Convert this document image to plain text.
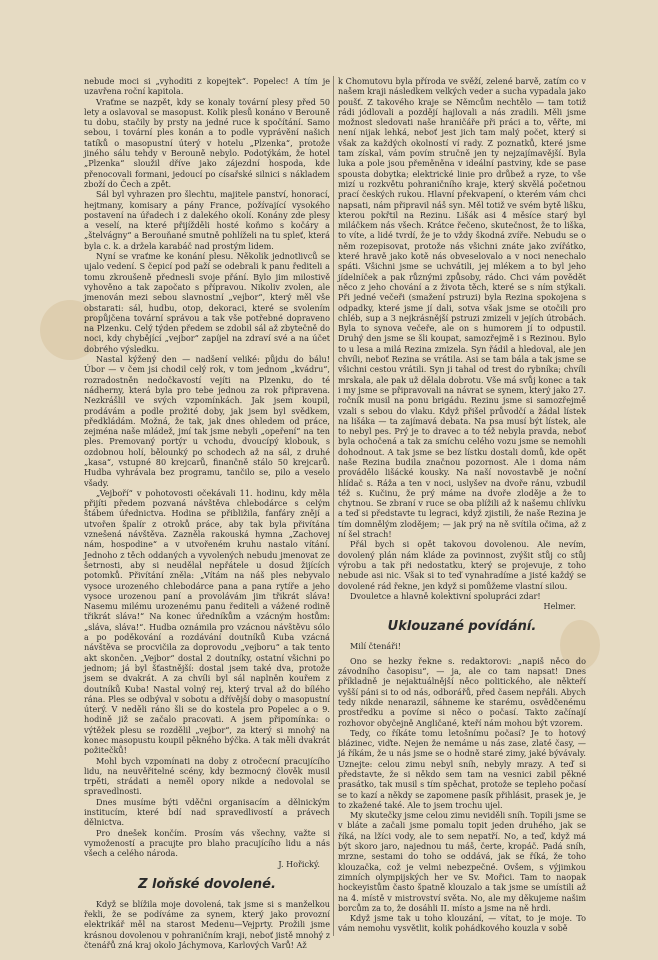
nebude moci si „vyhoditi z kopejtek“. Popelec! A tím je uzavřena roční kapitola.

Vraťme se nazpět, kdy se konaly tovární plesy před 50 lety a oslavoval se masopust. Kolik plesů konáno v Berouně tu dobu, stačily by prsty na jedné ruce k spočítání. Samo sebou, i tovární ples konán a to podle vyprávění našich tatíků o masopustní úterý v hotelu „Plzenka“, protože jiného sálu tehdy v Berouně nebylo. Podotýkám, že hotel „Plzenka“ sloužil dříve jako zájezdní hospoda, kde přenocovali formani, jedoucí po císařské silnici s nákladem zboží do Čech a zpět.

Sál byl vyhrazen pro šlechtu, majitele panství, honorací, hejtmany, komisary a pány France, požívající vysokého postavení na úřadech i z dalekého okolí. Konány zde plesy a veselí, na které přijížděli hosté koňmo s kočáry a „štelvágny“ a Berouňané smutně pohlíželi na tu spleť, která byla c. k. a držela karabáč nad prostým lidem.

Nyní se vraťme ke konání plesu. Několik jednotlivců se ujalo vedení. S čepicí pod paží se odebrali k panu řediteli a tomu zkroušeně přednesli svoje přání. Bylo jim milostivě vyhověno a tak započato s přípravou. Nikoliv zvolen, ale jmenován mezi sebou slavnostní „vejbor“, který měl vše obstarati: sál, hudbu, otop, dekoraci, které se svolením propůjčena tovární správou a tak vše potřebné dopraveno na Plzenku. Celý týden předem se zdobil sál až zbytečně do noci, kdy chybějící „vejbor“ zapíjel na zdraví své a na účet dobrého výsledku.

Nastal kýžený den — nadšení veliké: půjdu do bálu! Úbor — v čem jsi chodil celý rok, v tom jednom „kvádru“, rozradostněn nedočkavostí vejíti na Plzenku, do té nádherny, která byla pro tebe jednou za rok připravena. Nezkrášlil ve svých vzpomínkách. Jak jsem koupil, prodávám a podle prožité doby, jak jsem byl svědkem, předkládám. Možná, že tak, jak dnes ohledem od práce, zejména naše mládež, jmí tak jsme nebyli „opeření“ na ten ples. Premovaný portýr u vchodu, dvoucípý klobouk, s ozdobnou holí, bělounký po schodech až na sál, z druhé „kasa“, vstupné 80 krejcarů, finančně stálo 50 krejcarů. Hudba vyhrávala bez programu, tančilo se, pilo a veselo všady.

„Vejboří“ v pohotovosti očekávali 11. hodinu, kdy měla přijíti předem pozvaná návštěva chlebodárce s celým štábem úřednictva. Hodina se přibližila, fanfáry znějí a utvořen špalír z otroků práce, aby tak byla přivítána vznešená návštěva. Zazněla rakouská hymna „Zachovej nám, hospodine“ a v utvořeném kruhu nastalo vítání. Jednoho z těch oddaných a vyvolených nebudu jmenovat ze šetrnosti, aby si neudělal nepřátele u dosud žijících potomků. Přivítání zněla: „Vítám na náš ples nebyvalo vysoce urozeného chlebodárce pana a pana rytíře a jeho vysoce urozenou paní a provolávám jim třikrát sláva! Nasemu milému urozenému panu řediteli a vážené rodině třikrát sláva!“ Na konec úředníkům a vzácným hostům: „sláva, sláva!“. Hudba oznámila pro vzácnou návštěvu sólo a po poděkování a rozdávání doutníků Kuba vzácná návštěva se procvičila za doprovodu „vejboru“ a tak tento akt skončen. „Vejbor“ dostal 2 doutníky, ostatní všichni po jednom; já byl šťastnější: dostal jsem také dva, protože jsem se dvakrát. A za chvíli byl sál naplněn kouřem z doutníků Kuba! Nastal volný rej, který trval až do bílého rána. Ples se odbýval v sobotu a dřívější doby o masopustní úterý. V neděli ráno šli se do kostela pro Popelec a o 9. hodině již se začalo pracovati. A jsem připomínka: o výtěžek plesu se rozdělil „vejbor“, za který si mnohý na konec masopustu koupil pěkného býčka. A tak měli dvakrát požitečků!

Mohl bych vzpomínati na doby z otročecní pracujícího lidu, na neuvěřitelné scény, kdy bezmocný člověk musil trpěti, strádati a neměl opory nikde a nedovolal se spravedlnosti.

Dnes musíme býti vděčni organisacím a dělnickým institucím, které bdí nad spravedlivostí a právech dělnictva.

Pro dnešek končím. Prosím vás všechny, važte si vymožeností a pracujte pro blaho pracujícího lidu a nás všech a celého národa.

J. Hořický.

Z loňské dovolené.

Když se blížila moje dovolená, tak jsme si s manželkou řekli, že se podíváme za synem, který jako provozní elektrikář měl na starost Medenu—Vejprty. Prožili jsme krásnou dovolenou v pohraničním kraji, neboť jistě mnohý z čtenářů zná kraj okolo Jáchymova, Karlových Varů! Až

k Chomutovu byla příroda ve svěží, zelené barvě, zatím co v našem kraji následkem velkých veder a sucha vypadala jako poušť. Z takového kraje se Němcům nechtělo — tam totiž rádi jódlovali a pozdějí hajlovali a nás zradili. Měli jsme možnost sledovati naše hraničáře při práci a to, věřte, mi není nijak lehká, neboť jest jich tam malý počet, který si však za každých okolností ví rady. Z poznatků, které jsme tam získal, vám povím stručně jen ty nejzajímavější. Byla luka a pole jsou přeměněna v ideální pastviny, kde se pase spousta dobytka; elektrické linie pro drůbež a ryze, to vše mizí u rozkvětu pohraničního kraje, který skvělá početnou prací českých rukou. Hlavní překvapení, o kterém vám chci napsati, nám připravil náš syn. Měl totiž ve svém bytě lišku, kterou pokřtil na Rezinu. Lišák asi 4 měsíce starý byl miláčkem nás všech. Krátce řečeno, skutečnost, že to liška, to víte, a lidé tvrdí, že je to vždy škodná zvíře. Nebudu se o něm rozepisovat, protože nás všichni znáte jako zvířátko, které hravě jako kotě nás obveselovalo a v noci nenechalo spáti. Všichni jsme se uchvátili, jej mlékem a to byl jeho jídelníček a pak různými způsoby, rádo. Chci vám povědět něco z jeho chování a z života těch, které se s ním stýkali. Při jedné večeři (smažení pstruzi) byla Rezina spokojena s odpadky, které jsme jí dali, sotva však jsme se otočili pro chléb, sup a 3 nejkrásnější pstruzi zmizeli v jejích útrobách. Byla to synova večeře, ale on s humorem jí to odpustil. Druhý den jsme se šli koupat, samozřejmě i s Rezinou. Bylo to u lesa a milá Rezina zmizela. Syn řádil a hledoval, ale jen chvíli, neboť Rezina se vrátila. Asi se tam bála a tak jsme se všichni cestou vrátili. Syn ji tahal od trest do rybníka; chvíli mrskala, ale pak už dělala dobrotu. Vše má svůj konec a tak i my jsme se připravovali na návrat se synem, který jako 27. ročník musil na ponu brigádu. Rezinu jsme si samozřejmě vzali s sebou do vlaku. Když přišel průvodčí a žádal lístek na lišáka — ta zajímavá debata. Na psa musí být lístek, ale to nebyl pes. Prý je to dravec a to též nebyla pravda, neboť byla ochočená a tak za smíchu celého vozu jsme se nemohli dohodnout. A tak jsme se bez lístku dostali domů, kde opět naše Rezina budila značnou pozornost. Ale i doma nám provádělo lišácké kousky. Na naší novostavbě je noční hlídač s. Ráža a ten v noci, uslyšev na dvoře ránu, vzbudil též s. Kučinu, že prý máme na dvoře zloděje a že to chytnou. Se zbraní v ruce se oba plížili až k našemu chlívku a teď si představte tu legraci, když zjistili, že naše Rezina je tím domnělým zlodějem; — jak prý na ně svítila očima, až z ní šel strach!

Přál bych si opět takovou dovolenou. Ale nevím, dovolený plán nám kláde za povinnost, zvýšit stůj co stůj výrobu a tak při nedostatku, který se projevuje, z toho nebude asi nic. Však si to teď vynahradíme a jisté každý se dovolené rád řekne, jen když si pomůžeme vlastní silou.

Dvouletce a hlavně kolektivní spolupráci zdar!

Helmer.

Uklouzané povídání.

Milí čtenáři!

Ono se hezky řekne s. redaktorovi: „napiš něco do závodního časopisu“, — ja, ale co tam napsat! Dnes příkladně je nejaktuálnější něco politického, ale někteří vyšší páni si to od nás, odborářů, před časem nepřáli. Abych tedy nikde nenarazil, sáhneme ke starému, osvědčenému prostředku a povíme si něco o počasí. Takto začínají rozhovor obyčejně Angličané, kteří nám mohou být vzorem.

Tedy, co říkáte tomu letošnímu počasí? Je to hotový blázinec, viďte. Nejen že nemáme u nás zase, zlaté časy, — já říkám, že u nás jsme se o hodně staré zimy, jaké bývávaly. Uznejte: celou zimu nebyl sníh, nebyly mrazy. A teď si představte, že si někdo sem tam na vesnici zabil pěkné prasátko, tak musil s tím spěchat, protože se tepleho počasí se to kazí a někdy se zapomene pasík přihlásit, prasek je, je to zkažené také. Ale to jsem trochu ujel.

My skutečky jsme celou zimu neviděli sníh. Topili jsme se v bláte a začali jsme pomalu topit jeden druhého, jak se říká, na lžíci vody, ale to sem nepatří. No, a teď, když má být skoro jaro, najednou tu máš, čerte, kropáč. Padá sníh, mrzne, sestami do toho se oddává, jak se říká, že toho klouzačka, což je velmi nebezpečné. Ovšem, s výjimkou zimních olympijských her ve Sv. Mořici. Tam to naopak hockeyistům často špatně klouzalo a tak jsme se umístili až na 4. místě v mistrovství světa. No, ale my děkujeme našim borcům za to, že dosáhli II. místo a jsme na ně hrdi.

Když jsme tak u toho klouzání, — vítat, to je moje. To vám nemohu vysvětlit, kolik pohádkového kouzla v sobě
